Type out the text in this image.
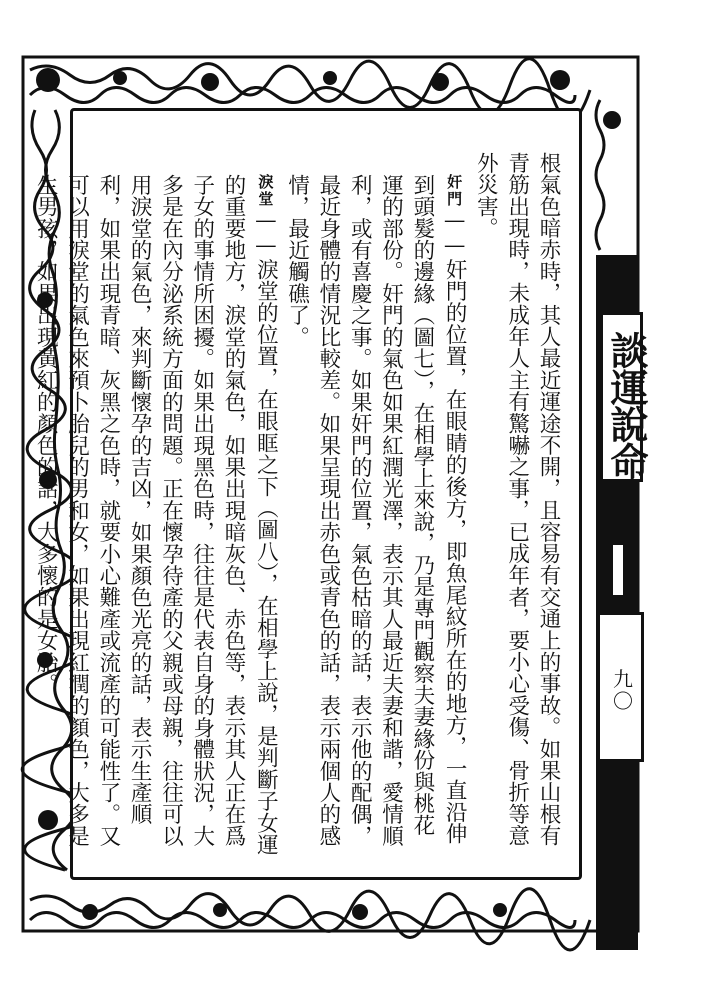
根氣色暗赤時，其人最近運途不開，且容易有交通上的事故。如果山根有青筋出現時，未成年人主有驚嚇之事，已成年者，要小心受傷、骨折等意外災害。

奸門——奸門的位置，在眼睛的後方，即魚尾紋所在的地方，一直沿伸到頭髮的邊緣（圖七），在相學上來說，乃是專門觀察夫妻緣份與桃花運的部份。奸門的氣色如果紅潤光澤，表示其人最近夫妻和諧，愛情順利，或有喜慶之事。如果奸門的位置，氣色枯暗的話，表示他的配偶，最近身體的情況比較差。如果呈現出赤色或青色的話，表示兩個人的感情，最近觸礁了。

淚堂——淚堂的位置，在眼眶之下（圖八），在相學上說，是判斷子女運的重要地方，淚堂的氣色，如果出現暗灰色、赤色等，表示其人正在爲子女的事情所困擾。如果出現黑色時，往往是代表自身的身體狀況，大多是在內分泌系統方面的問題。正在懷孕待產的父親或母親，往往可以用淚堂的氣色，來判斷懷孕的吉凶，如果顏色光亮的話，表示生產順利，如果出現青暗、灰黑之色時，就要小心難產或流產的可能性了。又可以用淚堂的氣色來預卜胎兒的男和女，如果出現紅潤的顏色，大多是生男孩，如果出現黃紅的顏色的話，大多懷的是女胎。	談運說命
九〇
